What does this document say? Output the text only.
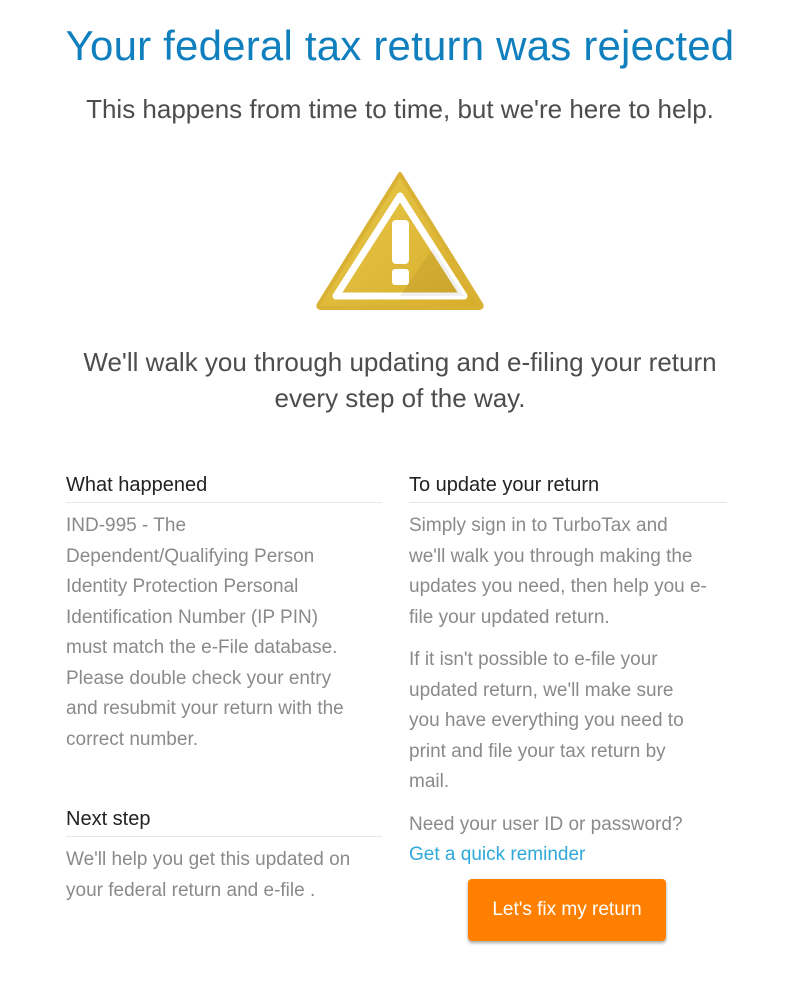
Your federal tax return was rejected

This happens from time to time, but we're here to help.

We'll walk you through updating and e-filing your return
every step of the way.
What happened
IND-995 - The
Dependent/Qualifying Person
Identity Protection Personal
Identification Number (IP PIN)
must match the e-File database.
Please double check your entry
and resubmit your return with the
correct number.
Next step
We'll help you get this updated on
your federal return and e-file .
To update your return
Simply sign in to TurboTax and
we'll walk you through making the
updates you need, then help you e-
file your updated return.
If it isn't possible to e-file your
updated return, we'll make sure
you have everything you need to
print and file your tax return by
mail.
Need your user ID or password?
Get a quick reminder
Let's fix my return
